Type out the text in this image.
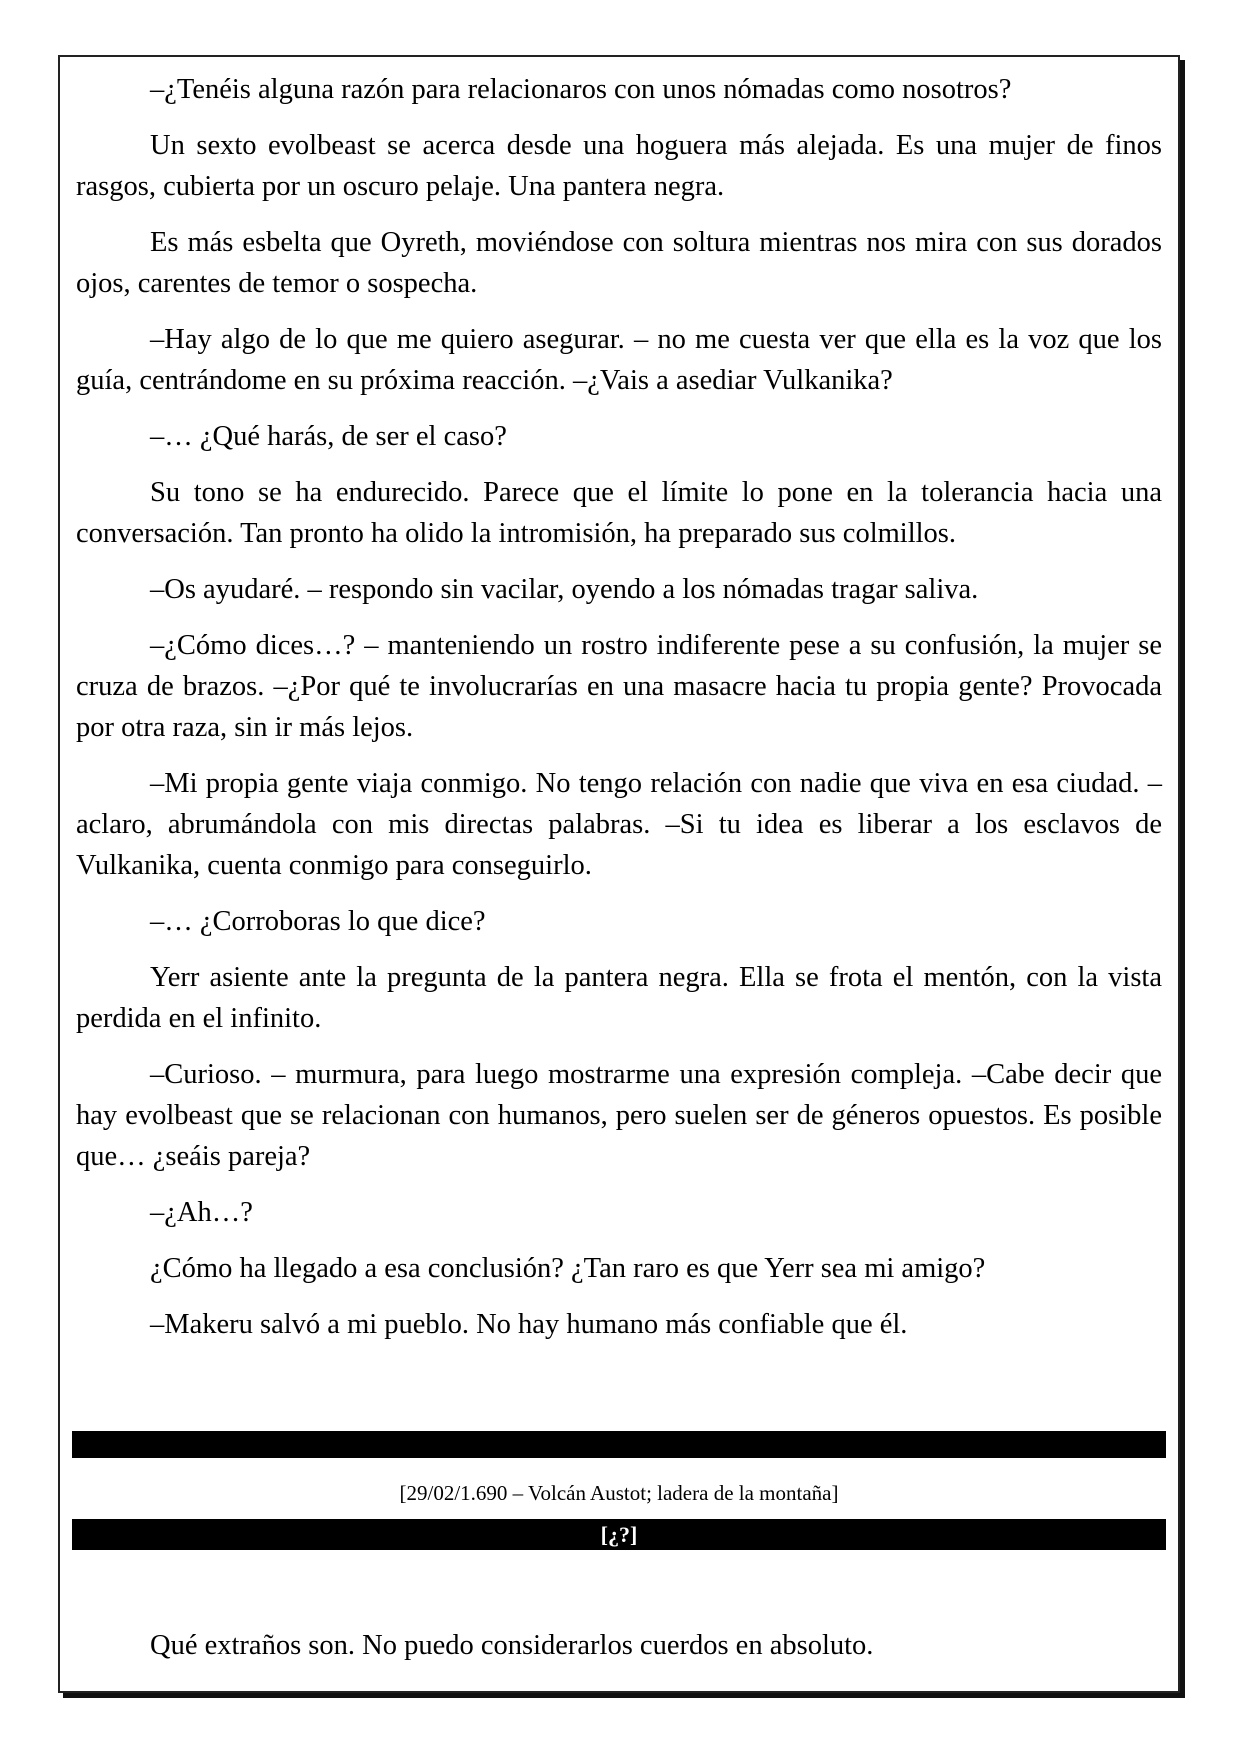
–¿Tenéis alguna razón para relacionaros con unos nómadas como nosotros?

Un sexto evolbeast se acerca desde una hoguera más alejada. Es una mujer de finos rasgos, cubierta por un oscuro pelaje. Una pantera negra.

Es más esbelta que Oyreth, moviéndose con soltura mientras nos mira con sus dorados ojos, carentes de temor o sospecha.

–Hay algo de lo que me quiero asegurar. – no me cuesta ver que ella es la voz que los guía, centrándome en su próxima reacción. –¿Vais a asediar Vulkanika?

–… ¿Qué harás, de ser el caso?

Su tono se ha endurecido. Parece que el límite lo pone en la tolerancia hacia una conversación. Tan pronto ha olido la intromisión, ha preparado sus colmillos.

–Os ayudaré. – respondo sin vacilar, oyendo a los nómadas tragar saliva.

–¿Cómo dices…? – manteniendo un rostro indiferente pese a su confusión, la mujer se cruza de brazos. –¿Por qué te involucrarías en una masacre hacia tu propia gente? Provocada por otra raza, sin ir más lejos.

–Mi propia gente viaja conmigo. No tengo relación con nadie que viva en esa ciudad. – aclaro, abrumándola con mis directas palabras. –Si tu idea es liberar a los esclavos de Vulkanika, cuenta conmigo para conseguirlo.

–… ¿Corroboras lo que dice?

Yerr asiente ante la pregunta de la pantera negra. Ella se frota el mentón, con la vista perdida en el infinito.

–Curioso. – murmura, para luego mostrarme una expresión compleja. –Cabe decir que hay evolbeast que se relacionan con humanos, pero suelen ser de géneros opuestos. Es posible que… ¿seáis pareja?

–¿Ah…?

¿Cómo ha llegado a esa conclusión? ¿Tan raro es que Yerr sea mi amigo?

–Makeru salvó a mi pueblo. No hay humano más confiable que él.

[29/02/1.690 – Volcán Austot; ladera de la montaña]
[¿?]

Qué extraños son. No puedo considerarlos cuerdos en absoluto.
